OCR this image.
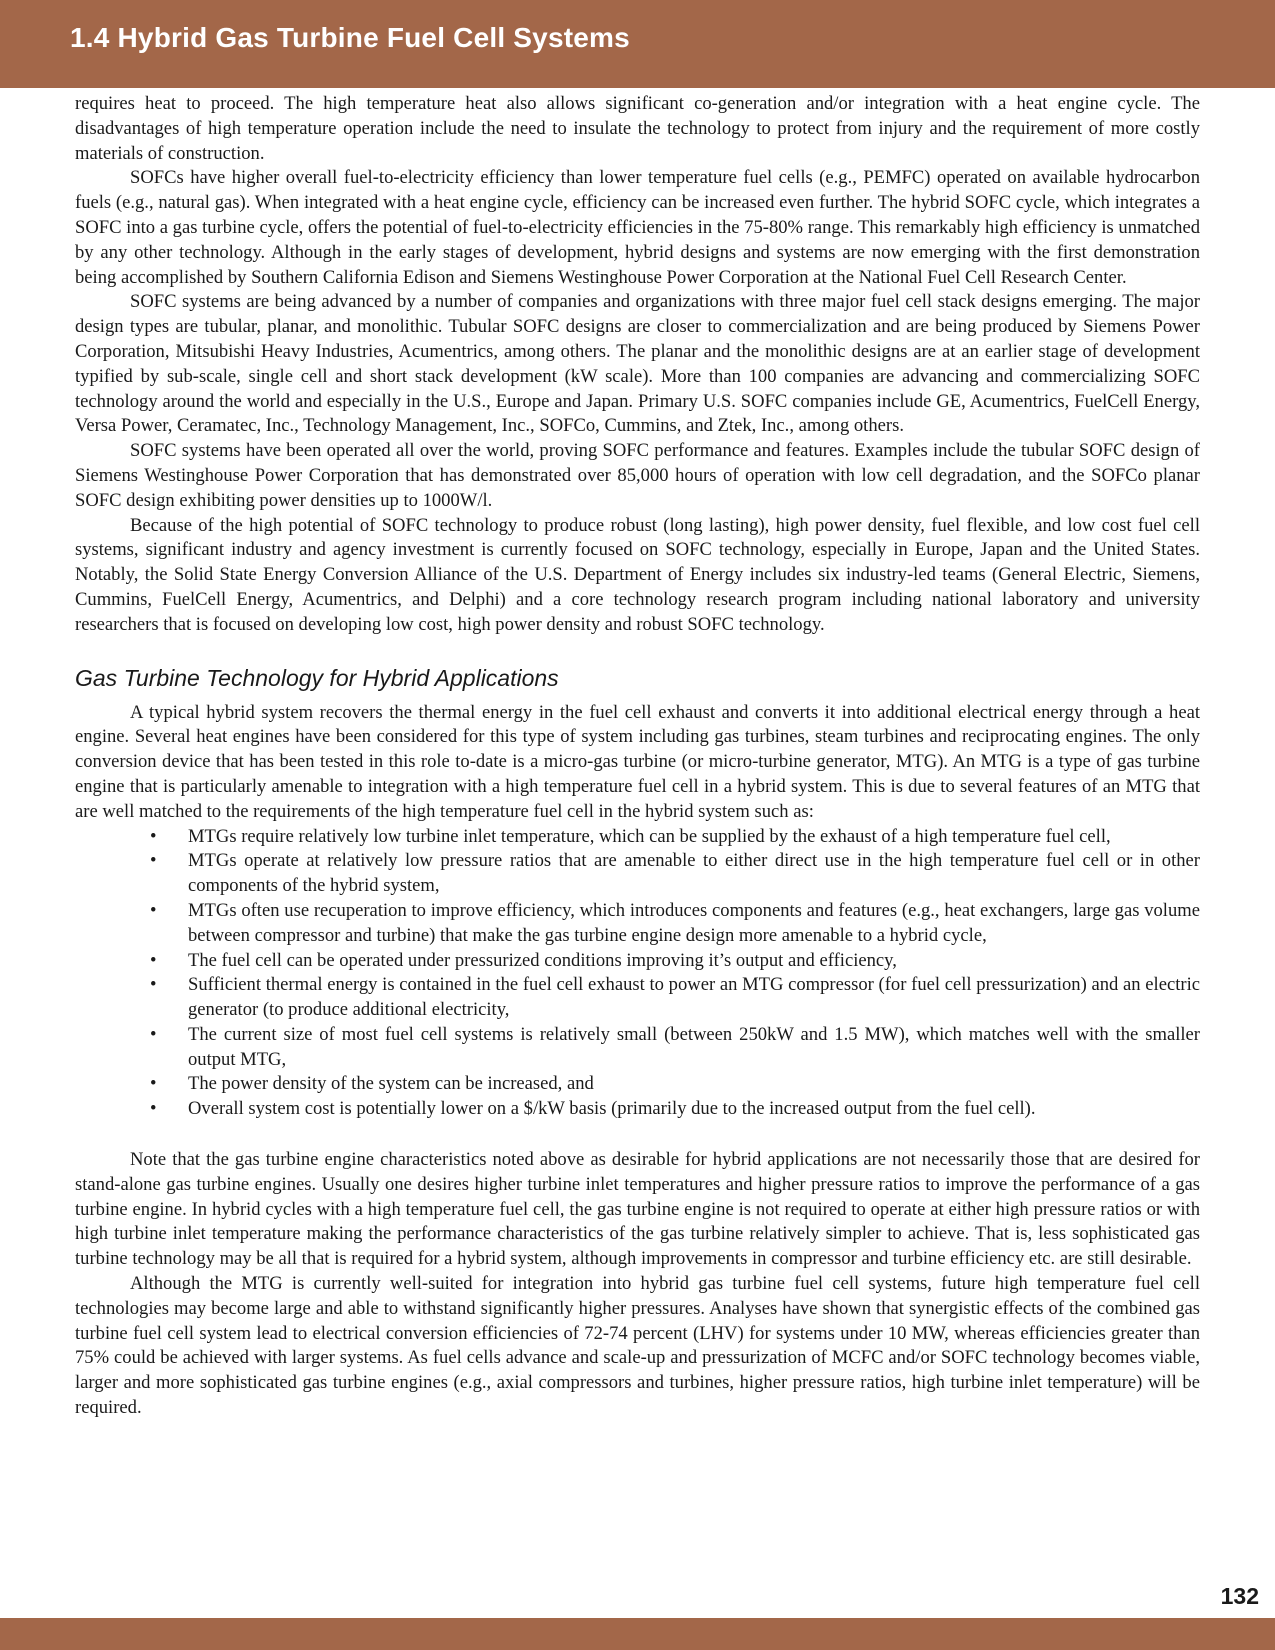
1.4 Hybrid Gas Turbine Fuel Cell Systems

requires heat to proceed. The high temperature heat also allows significant co-generation and/or integration with a heat engine cycle. The disadvantages of high temperature operation include the need to insulate the technology to protect from injury and the requirement of more costly materials of construction.

SOFCs have higher overall fuel-to-electricity efficiency than lower temperature fuel cells (e.g., PEMFC) operated on available hydrocarbon fuels (e.g., natural gas). When integrated with a heat engine cycle, efficiency can be increased even further. The hybrid SOFC cycle, which integrates a SOFC into a gas turbine cycle, offers the potential of fuel-to-electricity efficiencies in the 75-80% range. This remarkably high efficiency is unmatched by any other technology. Although in the early stages of development, hybrid designs and systems are now emerging with the first demonstration being accomplished by Southern California Edison and Siemens Westinghouse Power Corporation at the National Fuel Cell Research Center.

SOFC systems are being advanced by a number of companies and organizations with three major fuel cell stack designs emerging. The major design types are tubular, planar, and monolithic. Tubular SOFC designs are closer to commercialization and are being produced by Siemens Power Corporation, Mitsubishi Heavy Industries, Acumentrics, among others. The planar and the monolithic designs are at an earlier stage of development typified by sub-scale, single cell and short stack development (kW scale). More than 100 companies are advancing and commercializing SOFC technology around the world and especially in the U.S., Europe and Japan. Primary U.S. SOFC companies include GE, Acumentrics, FuelCell Energy, Versa Power, Ceramatec, Inc., Technology Management, Inc., SOFCo, Cummins, and Ztek, Inc., among others.

SOFC systems have been operated all over the world, proving SOFC performance and features. Examples include the tubular SOFC design of Siemens Westinghouse Power Corporation that has demonstrated over 85,000 hours of operation with low cell degradation, and the SOFCo planar SOFC design exhibiting power densities up to 1000W/l.

Because of the high potential of SOFC technology to produce robust (long lasting), high power density, fuel flexible, and low cost fuel cell systems, significant industry and agency investment is currently focused on SOFC technology, especially in Europe, Japan and the United States. Notably, the Solid State Energy Conversion Alliance of the U.S. Department of Energy includes six industry-led teams (General Electric, Siemens, Cummins, FuelCell Energy, Acumentrics, and Delphi) and a core technology research program including national laboratory and university researchers that is focused on developing low cost, high power density and robust SOFC technology.

Gas Turbine Technology for Hybrid Applications

A typical hybrid system recovers the thermal energy in the fuel cell exhaust and converts it into additional electrical energy through a heat engine. Several heat engines have been considered for this type of system including gas turbines, steam turbines and reciprocating engines. The only conversion device that has been tested in this role to-date is a micro-gas turbine (or micro-turbine generator, MTG). An MTG is a type of gas turbine engine that is particularly amenable to integration with a high temperature fuel cell in a hybrid system. This is due to several features of an MTG that are well matched to the requirements of the high temperature fuel cell in the hybrid system such as:

• MTGs require relatively low turbine inlet temperature, which can be supplied by the exhaust of a high temperature fuel cell,
• MTGs operate at relatively low pressure ratios that are amenable to either direct use in the high temperature fuel cell or in other components of the hybrid system,
• MTGs often use recuperation to improve efficiency, which introduces components and features (e.g., heat exchangers, large gas volume between compressor and turbine) that make the gas turbine engine design more amenable to a hybrid cycle,
• The fuel cell can be operated under pressurized conditions improving it’s output and efficiency,
• Sufficient thermal energy is contained in the fuel cell exhaust to power an MTG compressor (for fuel cell pressurization) and an electric generator (to produce additional electricity,
• The current size of most fuel cell systems is relatively small (between 250kW and 1.5 MW), which matches well with the smaller output MTG,
• The power density of the system can be increased, and
• Overall system cost is potentially lower on a $/kW basis (primarily due to the increased output from the fuel cell).

Note that the gas turbine engine characteristics noted above as desirable for hybrid applications are not necessarily those that are desired for stand-alone gas turbine engines. Usually one desires higher turbine inlet temperatures and higher pressure ratios to improve the performance of a gas turbine engine. In hybrid cycles with a high temperature fuel cell, the gas turbine engine is not required to operate at either high pressure ratios or with high turbine inlet temperature making the performance characteristics of the gas turbine relatively simpler to achieve. That is, less sophisticated gas turbine technology may be all that is required for a hybrid system, although improvements in compressor and turbine efficiency etc. are still desirable.

Although the MTG is currently well-suited for integration into hybrid gas turbine fuel cell systems, future high temperature fuel cell technologies may become large and able to withstand significantly higher pressures. Analyses have shown that synergistic effects of the combined gas turbine fuel cell system lead to electrical conversion efficiencies of 72-74 percent (LHV) for systems under 10 MW, whereas efficiencies greater than 75% could be achieved with larger systems. As fuel cells advance and scale-up and pressurization of MCFC and/or SOFC technology becomes viable, larger and more sophisticated gas turbine engines (e.g., axial compressors and turbines, higher pressure ratios, high turbine inlet temperature) will be required.

132
